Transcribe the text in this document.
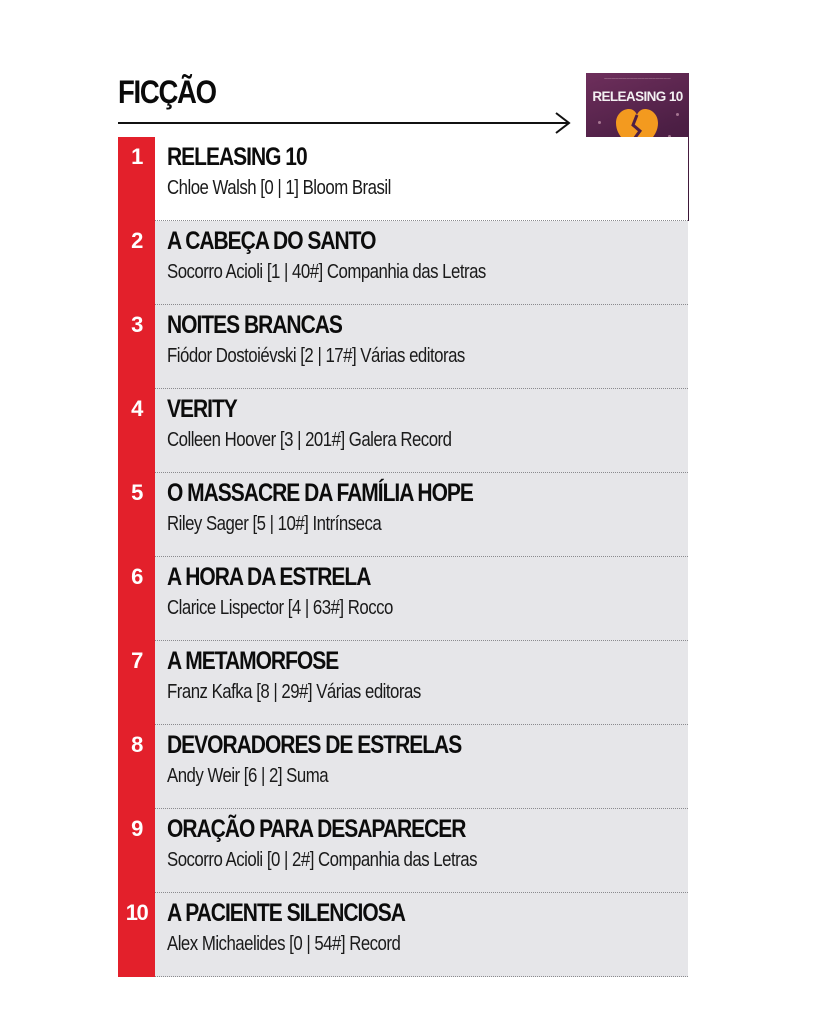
FICÇÃO	——————————————————
RELEASING 10
1	RELEASING 10

Chloe Walsh [0 | 1] Bloom Brasil

2	A CABEÇA DO SANTO

Socorro Acioli [1 | 40#] Companhia das Letras

3	NOITES BRANCAS

Fiódor Dostoiévski [2 | 17#] Várias editoras

4	VERITY

Colleen Hoover [3 | 201#] Galera Record

5	O MASSACRE DA FAMÍLIA HOPE

Riley Sager [5 | 10#] Intrínseca

6	A HORA DA ESTRELA

Clarice Lispector [4 | 63#] Rocco

7	A METAMORFOSE

Franz Kafka [8 | 29#] Várias editoras

8	DEVORADORES DE ESTRELAS

Andy Weir [6 | 2] Suma

9	ORAÇÃO PARA DESAPARECER

Socorro Acioli [0 | 2#] Companhia das Letras

10 A PACIENTE SILENCIOSA

Alex Michaelides [0 | 54#] Record
